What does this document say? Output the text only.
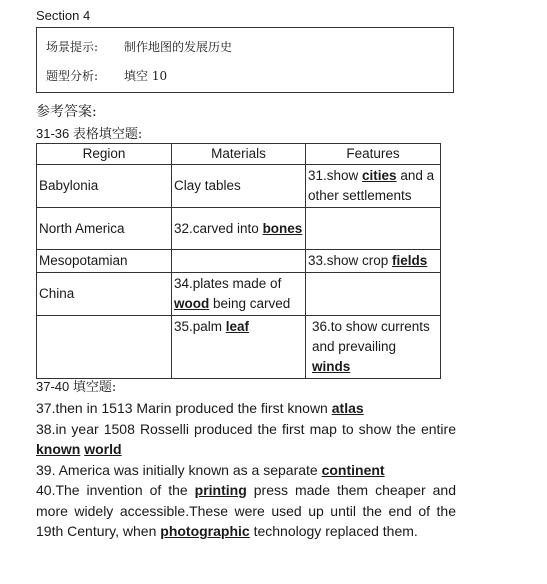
Section 4
场景提示: 制作地图的发展历史
题型分析: 填空 10
参考答案:
31-36 表格填空题:
Region	Materials	Features
Babylonia	Clay tables	31.show cities and a other settlements
North America	32.carved into bones	
Mesopotamian		33.show crop fields
China	34.plates made of wood being carved	
	35.palm leaf	36.to show currents and prevailing winds
37-40 填空题:

37.then in 1513 Marin produced the first known atlas

38.in year 1508 Rosselli produced the first map to show the entire known world

39. America was initially known as a separate continent

40.The invention of the printing press made them cheaper and more widely accessible.These were used up until the end of the 19th Century, when photographic technology replaced them.
